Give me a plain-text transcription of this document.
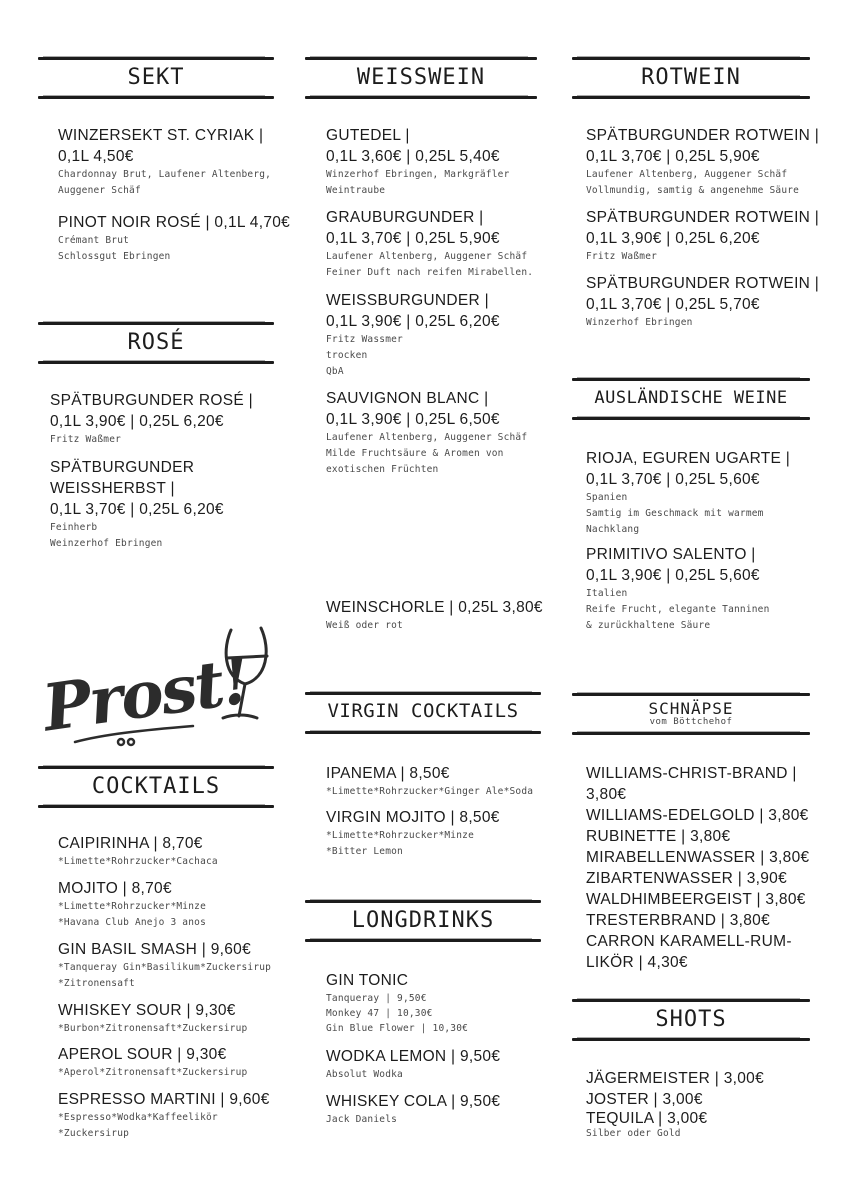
SEKT	WEISSWEIN	ROTWEIN
ROSÉ
AUSLÄNDISCHE WEINE
VIRGIN COCKTAILS	SCHNÄPSE
vom Böttchehof
COCKTAILS
LONGDRINKS
SHOTS
WINZERSEKT ST. CYRIAK |
0,1L 4,50€
Chardonnay Brut, Laufener Altenberg,
Auggener Schäf
PINOT NOIR ROSÉ | 0,1L 4,70€
Crémant Brut
Schlossgut Ebringen
SPÄTBURGUNDER ROSÉ |
0,1L 3,90€ | 0,25L 6,20€
Fritz Waßmer
SPÄTBURGUNDER
WEISSHERBST |
0,1L 3,70€ | 0,25L 6,20€
Feinherb
Weinzerhof Ebringen
Prost!
CAIPIRINHA | 8,70€
*Limette*Rohrzucker*Cachaca
MOJITO | 8,70€
*Limette*Rohrzucker*Minze
*Havana Club Anejo 3 anos
GIN BASIL SMASH | 9,60€
*Tanqueray Gin*Basilikum*Zuckersirup
*Zitronensaft
WHISKEY SOUR | 9,30€
*Burbon*Zitronensaft*Zuckersirup
APEROL SOUR | 9,30€
*Aperol*Zitronensaft*Zuckersirup
ESPRESSO MARTINI | 9,60€
*Espresso*Wodka*Kaffeelikör
*Zuckersirup
GUTEDEL |
0,1L 3,60€ | 0,25L 5,40€
Winzerhof Ebringen, Markgräfler
Weintraube
GRAUBURGUNDER |
0,1L 3,70€ | 0,25L 5,90€
Laufener Altenberg, Auggener Schäf
Feiner Duft nach reifen Mirabellen.
WEISSBURGUNDER |
0,1L 3,90€ | 0,25L 6,20€
Fritz Wassmer
trocken
QbA
SAUVIGNON BLANC |
0,1L 3,90€ | 0,25L 6,50€
Laufener Altenberg, Auggener Schäf
Milde Fruchtsäure & Aromen von
exotischen Früchten
WEINSCHORLE | 0,25L 3,80€
Weiß oder rot
IPANEMA | 8,50€
*Limette*Rohrzucker*Ginger Ale*Soda
VIRGIN MOJITO | 8,50€
*Limette*Rohrzucker*Minze
*Bitter Lemon
GIN TONIC
Tanqueray | 9,50€
Monkey 47 | 10,30€
Gin Blue Flower | 10,30€
WODKA LEMON | 9,50€
Absolut Wodka
WHISKEY COLA | 9,50€
Jack Daniels
SPÄTBURGUNDER ROTWEIN |
0,1L 3,70€ | 0,25L 5,90€
Laufener Altenberg, Auggener Schäf
Vollmundig, samtig & angenehme Säure
SPÄTBURGUNDER ROTWEIN |
0,1L 3,90€ | 0,25L 6,20€
Fritz Waßmer
SPÄTBURGUNDER ROTWEIN |
0,1L 3,70€ | 0,25L 5,70€
Winzerhof Ebringen
RIOJA, EGUREN UGARTE |
0,1L 3,70€ | 0,25L 5,60€
Spanien
Samtig im Geschmack mit warmem
Nachklang
PRIMITIVO SALENTO |
0,1L 3,90€ | 0,25L 5,60€
Italien
Reife Frucht, elegante Tanninen
& zurückhaltene Säure
WILLIAMS-CHRIST-BRAND |
3,80€
WILLIAMS-EDELGOLD | 3,80€
RUBINETTE | 3,80€
MIRABELLENWASSER | 3,80€
ZIBARTENWASSER | 3,90€
WALDHIMBEERGEIST | 3,80€
TRESTERBRAND | 3,80€
CARRON KARAMELL-RUM-
LIKÖR | 4,30€
JÄGERMEISTER | 3,00€
JOSTER | 3,00€
TEQUILA | 3,00€
Silber oder Gold
